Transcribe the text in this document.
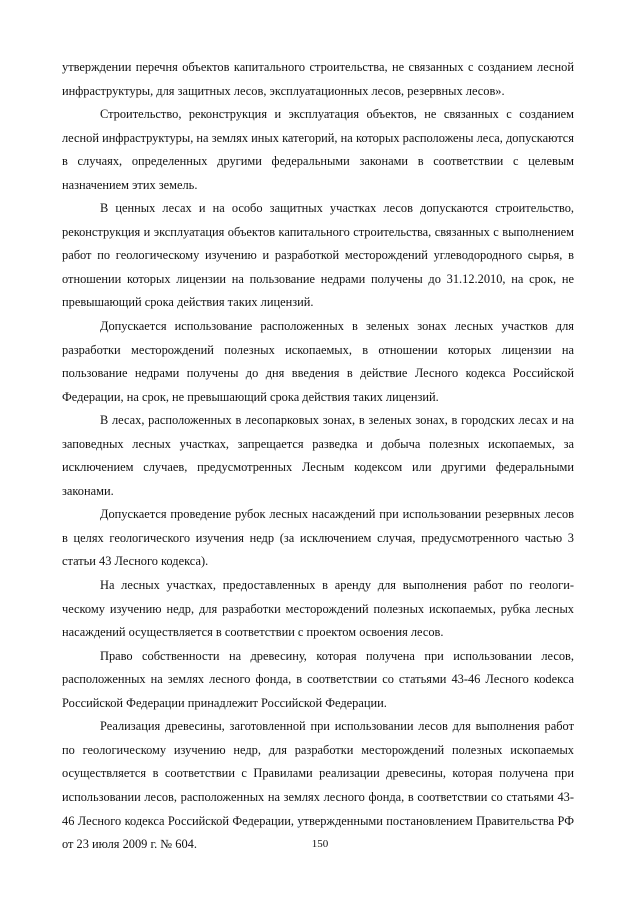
утверждении перечня объектов капитального строительства, не связанных с созданием лесной инфраструктуры, для защитных лесов, эксплуатационных лесов, резервных лесов».

Строительство, реконструкция и эксплуатация объектов, не связанных с созданием лесной инфраструктуры, на землях иных категорий, на которых расположены леса, допускаются в случаях, определенных другими федеральными законами в соответствии с целевым назначением этих земель.

В ценных лесах и на особо защитных участках лесов допускаются строительство, реконструкция и эксплуатация объектов капитального строительства, связанных с выполнением работ по геологическому изучению и разработкой месторождений углеводородного сырья, в отношении которых лицензии на пользование недрами получены до 31.12.2010, на срок, не превышающий срока действия таких лицензий.

Допускается использование расположенных в зеленых зонах лесных участков для разработки месторождений полезных ископаемых, в отношении которых лицензии на пользование недрами получены до дня введения в действие Лесного кодекса Российской Федерации, на срок, не превышающий срока действия таких лицензий.

В лесах, расположенных в лесопарковых зонах, в зеленых зонах, в городских лесах и на заповедных лесных участках, запрещается разведка и добыча полезных ископаемых, за исключением случаев, предусмотренных Лесным кодексом или другими федеральными законами.

Допускается проведение рубок лесных насаждений при использовании резервных лесов в целях геологического изучения недр (за исключением случая, предусмотренного частью 3 статьи 43 Лесного кодекса).

На лесных участках, предоставленных в аренду для выполнения работ по геологическому изучению недр, для разработки месторождений полезных ископаемых, рубка лесных насаждений осуществляется в соответствии с проектом освоения лесов.

Право собственности на древесину, которая получена при использовании лесов, расположенных на землях лесного фонда, в соответствии со статьями 43-46 Лесного коdекса Российской Федерации принадлежит Российской Федерации.

Реализация древесины, заготовленной при использовании лесов для выполнения работ по геологическому изучению недр, для разработки месторождений полезных ископаемых осуществляется в соответствии с Правилами реализации древесины, которая получена при использовании лесов, расположенных на землях лесного фонда, в соответствии со статьями 43-46 Лесного кодекса Российской Федерации, утвержденными постановлением Правительства РФ от 23 июля 2009 г. № 604.	150
